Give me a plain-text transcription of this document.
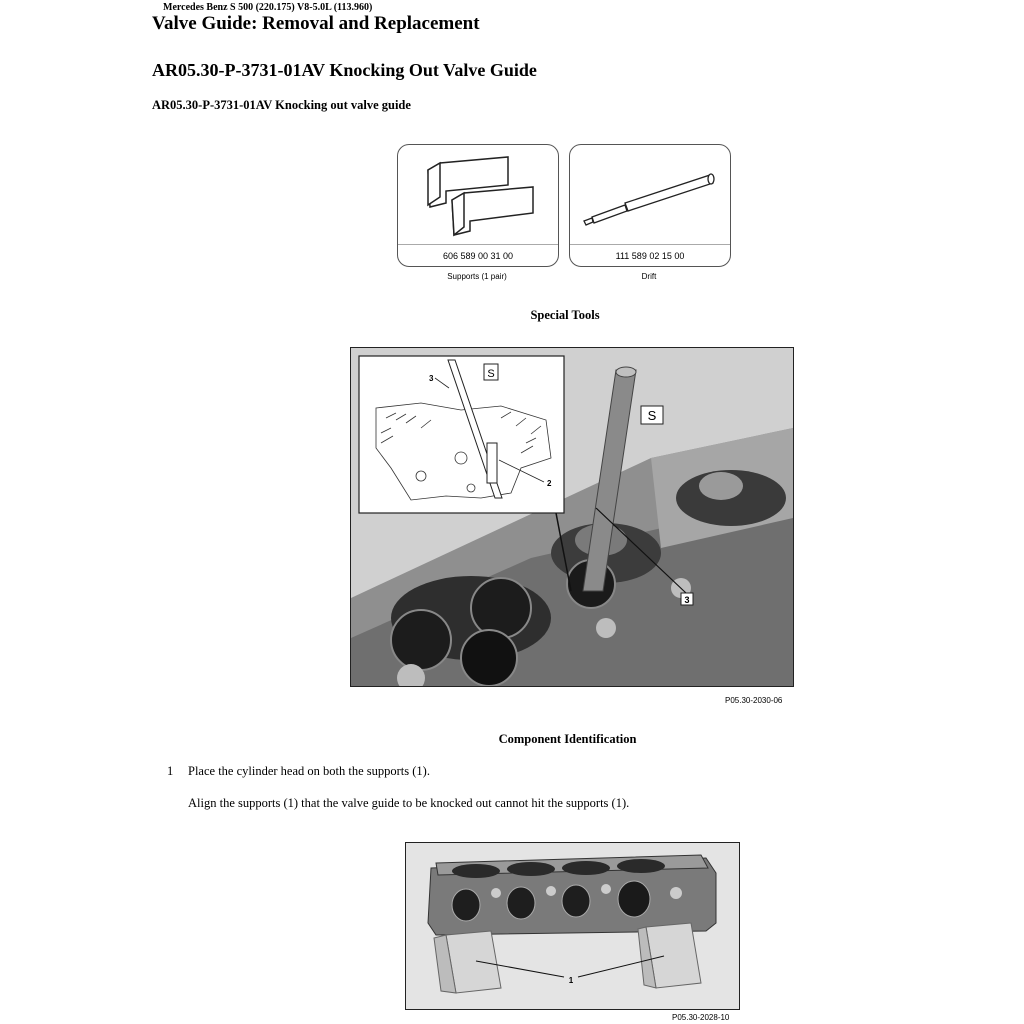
Mercedes Benz S 500 (220.175) V8-5.0L (113.960)
Valve Guide: Removal and Replacement
AR05.30-P-3731-01AV Knocking Out Valve Guide
AR05.30-P-3731-01AV Knocking out valve guide
606 589 00 31 00
Supports (1 pair)
111 589 02 15 00
Drift
Special Tools
S
3
S
3
2
P05.30-2030-06
Component Identification
1 Place the cylinder head on both the supports (1).
Align the supports (1) that the valve guide to be knocked out cannot hit the supports (1).
1
P05.30-2028-10
